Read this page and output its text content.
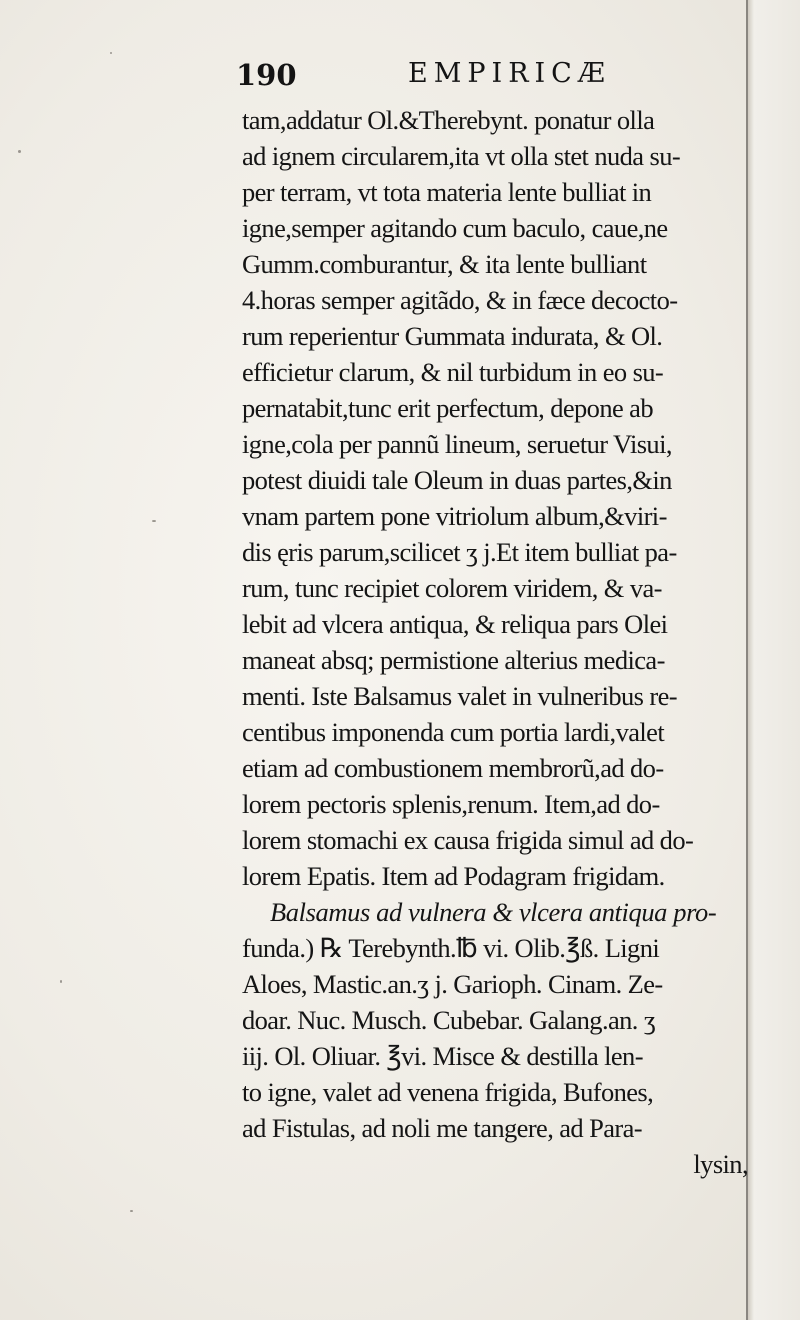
190	EMPIRICÆ
tam,addatur Ol.&Therebynt. ponatur olla
ad ignem circularem,ita vt olla stet nuda su-
per terram, vt tota materia lente bulliat in
igne,semper agitando cum baculo, caue,ne
Gumm.comburantur, & ita lente bulliant
4.horas semper agitãdo, & in fæce decocto-
rum reperientur Gummata indurata, & Ol.
efficietur clarum, & nil turbidum in eo su-
pernatabit,tunc erit perfectum, depone ab
igne,cola per pannũ lineum, seruetur Visui,
potest diuidi tale Oleum in duas partes,&in
vnam partem pone vitriolum album,&viri-
dis ęris parum,scilicet ʒ j.Et item bulliat pa-
rum, tunc recipiet colorem viridem, & va-
lebit ad vlcera antiqua, & reliqua pars Olei
maneat absq; permistione alterius medica-
menti. Iste Balsamus valet in vulneribus re-
centibus imponenda cum portia lardi,valet
etiam ad combustionem membrorũ,ad do-
lorem pectoris splenis,renum. Item,ad do-
lorem stomachi ex causa frigida simul ad do-
lorem Epatis. Item ad Podagram frigidam.
Balsamus ad vulnera & vlcera antiqua pro-
funda.) ℞ Terebynth.℔ vi. Olib.℥ß. Ligni
Aloes, Mastic.an.ʒ j. Garioph. Cinam. Ze-
doar. Nuc. Musch. Cubebar. Galang.an. ʒ
iij. Ol. Oliuar. ℥vi. Misce & destilla len-
to igne, valet ad venena frigida, Bufones,
ad Fistulas, ad noli me tangere, ad Para-
lysin,
